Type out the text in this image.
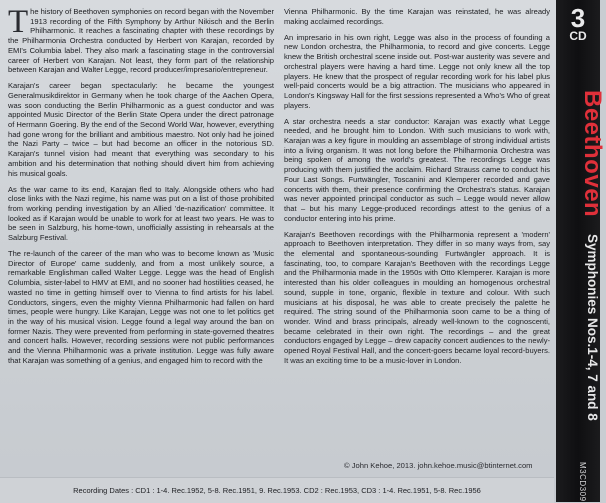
The history of Beethoven symphonies on record began with the November 1913 recording of the Fifth Symphony by Arthur Nikisch and the Berlin Philharmonic. It reaches a fascinating chapter with these recordings by the Philharmonia Orchestra conducted by Herbert von Karajan, recorded by EMI's Columbia label. They also mark a fascinating stage in the controversial career of Herbert von Karajan. Not least, they form part of the relationship between Karajan and Walter Legge, record producer/impresario/entrepreneur.

Karajan's career began spectacularly: he became the youngest Generalmusikdirektor in Germany when he took charge of the Aachen Opera, was soon conducting the Berlin Philharmonic as a guest conductor and was appointed Music Director of the Berlin State Opera under the direct patronage of Hermann Goering. By the end of the Second World War, however, everything had gone wrong for the brilliant and ambitious maestro. Not only had he joined the Nazi Party – twice – but had become an officer in the notorious SD. Karajan's tunnel vision had meant that everything was secondary to his ambition and his determination that nothing should divert him from achieving his musical goals.

As the war came to its end, Karajan fled to Italy. Alongside others who had close links with the Nazi regime, his name was put on a list of those prohibited from working pending investigation by an Allied 'de-nazification' committee. It looked as if Karajan would be unable to work for at least two years. He was to be seen in Salzburg, his home-town, unofficially assisting in rehearsals at the Salzburg Festival.

The re-launch of the career of the man who was to become known as 'Music Director of Europe' came suddenly, and from a most unlikely source, a remarkable Englishman called Walter Legge. Legge was the head of English Columbia, sister-label to HMV at EMI, and no sooner had hostilities ceased, he wasted no time in getting himself over to Vienna to find artists for his label. Conductors, singers, even the mighty Vienna Philharmonic had fallen on hard times, people were hungry. Like Karajan, Legge was not one to let politics get in the way of his musical vision. Legge found a legal way around the ban on former Nazis. They were prevented from performing in state-governed theatres and concert halls. However, recording sessions were not public performances and the Vienna Philharmonic was a private institution. Legge was fully aware that Karajan was something of a genius, and engaged him to record with the

Vienna Philharmonic. By the time Karajan was reinstated, he was already making acclaimed recordings.

An impresario in his own right, Legge was also in the process of founding a new London orchestra, the Philharmonia, to record and give concerts. Legge knew the British orchestral scene inside out. Post-war austerity was severe and orchestral players were having a hard time. Legge not only knew all the top players. He knew that the prospect of regular recording work for his label plus well-paid concerts would be a big attraction. The musicians who appeared in London's Kingsway Hall for the first sessions represented a Who's Who of great players.

A star orchestra needs a star conductor: Karajan was exactly what Legge needed, and he brought him to London. With such musicians to work with, Karajan was a key figure in moulding an assemblage of strong individual artists into a living organism. It was not long before the Philharmonia Orchestra was being spoken of among the world's greatest. The recordings Legge was producing with them justified the acclaim. Richard Strauss came to conduct his Four Last Songs. Furtwängler, Toscanini and Klemperer recorded and gave concerts with them, their presence confirming the Orchestra's status. Karajan was never appointed principal conductor as such – Legge would never allow that – but his many Legge-produced recordings attest to the genius of a conductor entering into his prime.

Karajan's Beethoven recordings with the Philharmonia represent a 'modern' approach to Beethoven interpretation. They differ in so many ways from, say the elemental and spontaneous-sounding Furtwängler approach. It is fascinating, too, to compare Karajan's Beethoven with the recordings Legge and the Philharmonia made in the 1950s with Otto Klemperer. Karajan is more interested than his older colleagues in moulding an homogenous orchestral sound, supple in tone, organic, flexible in texture and colour. With such musicians at his disposal, he was able to create precisely the palette he required. The string sound of the Philharmonia soon came to be a thing of wonder. Wind and brass principals, already well-known to the cognoscenti, became celebrated in their own right. The recordings – and the great conductors engaged by Legge – drew capacity concert audiences to the newly-opened Royal Festival Hall, and the concert-goers became loyal record-buyers. It was an exciting time to be a music-lover in London.

© John Kehoe, 2013. john.kehoe.music@btinternet.com
Recording Dates : CD1 : 1-4. Rec.1952, 5-8. Rec.1951, 9. Rec.1953. CD2 : Rec.1953, CD3 : 1-4. Rec.1951, 5-8. Rec.1956
3
CD
Beethoven Symphonies Nos.1-4, 7 and 8
M3CD309
